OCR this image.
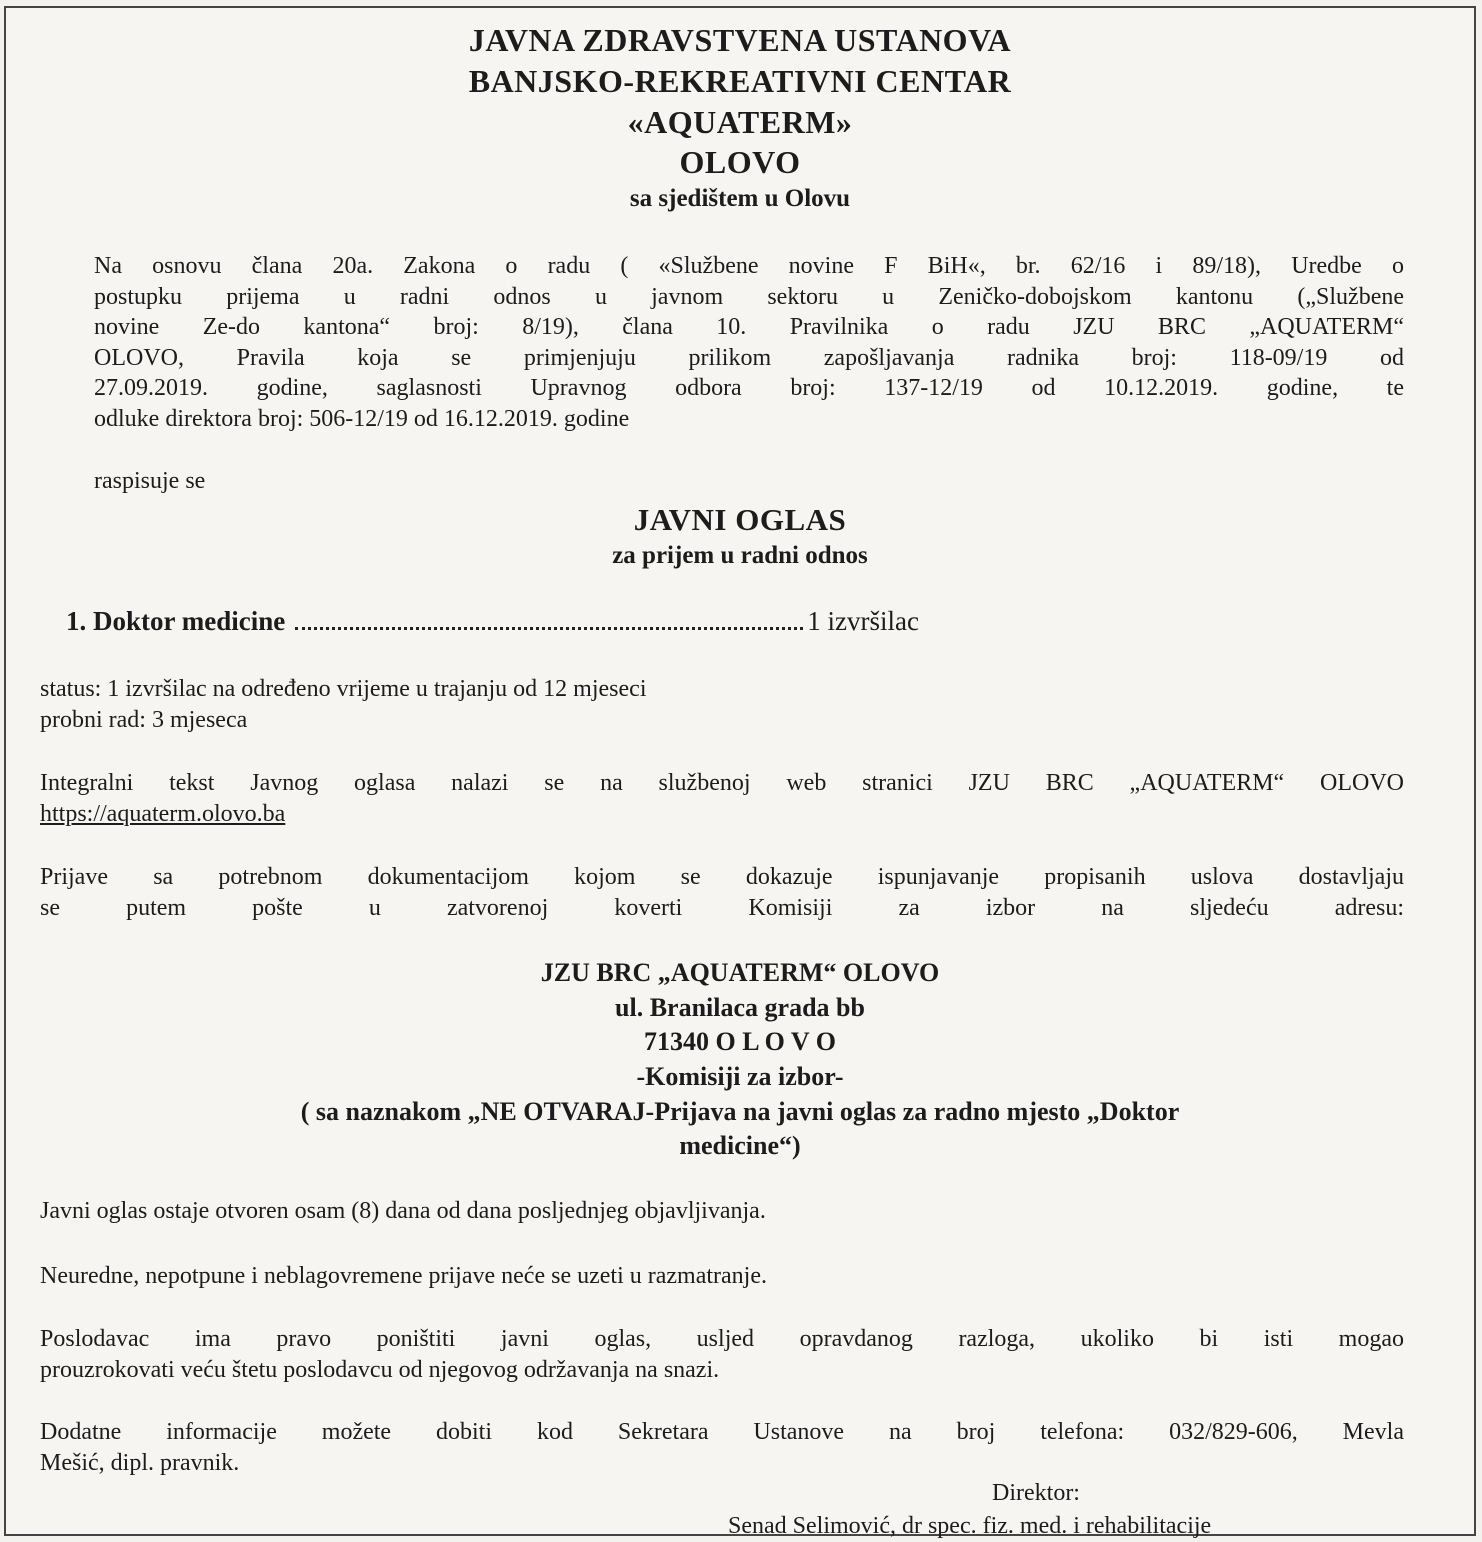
JAVNA ZDRAVSTVENA USTANOVA
BANJSKO-REKREATIVNI CENTAR
«AQUATERM»
OLOVO
sa sjedištem u Olovu
Na osnovu člana 20a. Zakona o radu ( «Službene novine F BiH«, br. 62/16 i 89/18), Uredbe o
postupku prijema u radni odnos u javnom sektoru u Zeničko-dobojskom kantonu („Službene
novine Ze-do kantona“ broj: 8/19), člana 10. Pravilnika o radu JZU BRC „AQUATERM“
OLOVO, Pravila koja se primjenjuju prilikom zapošljavanja radnika broj: 118-09/19 od
27.09.2019. godine, saglasnosti Upravnog odbora broj: 137-12/19 od 10.12.2019. godine, te
odluke direktora broj: 506-12/19 od 16.12.2019. godine
raspisuje se
JAVNI OGLAS
za prijem u radni odnos
1. Doktor medicine	1 izvršilac
status: 1 izvršilac na određeno vrijeme u trajanju od 12 mjeseci
probni rad: 3 mjeseca
Integralni tekst Javnog oglasa nalazi se na službenoj web stranici JZU BRC „AQUATERM“ OLOVO
https://aquaterm.olovo.ba
Prijave sa potrebnom dokumentacijom kojom se dokazuje ispunjavanje propisanih uslova dostavljaju
se putem pošte u zatvorenoj koverti Komisiji za izbor na sljedeću adresu:
JZU BRC „AQUATERM“ OLOVO
ul. Branilaca grada bb
71340 O L O V O
-Komisiji za izbor-
( sa naznakom „NE OTVARAJ-Prijava na javni oglas za radno mjesto „Doktor
medicine“)
Javni oglas ostaje otvoren osam (8) dana od dana posljednjeg objavljivanja.
Neuredne, nepotpune i neblagovremene prijave neće se uzeti u razmatranje.
Poslodavac ima pravo poništiti javni oglas, usljed opravdanog razloga, ukoliko bi isti mogao
prouzrokovati veću štetu poslodavcu od njegovog održavanja na snazi.
Dodatne informacije možete dobiti kod Sekretara Ustanove na broj telefona: 032/829-606, Mevla
Mešić, dipl. pravnik.
Direktor:
Senad Selimović, dr spec. fiz. med. i rehabilitacije
